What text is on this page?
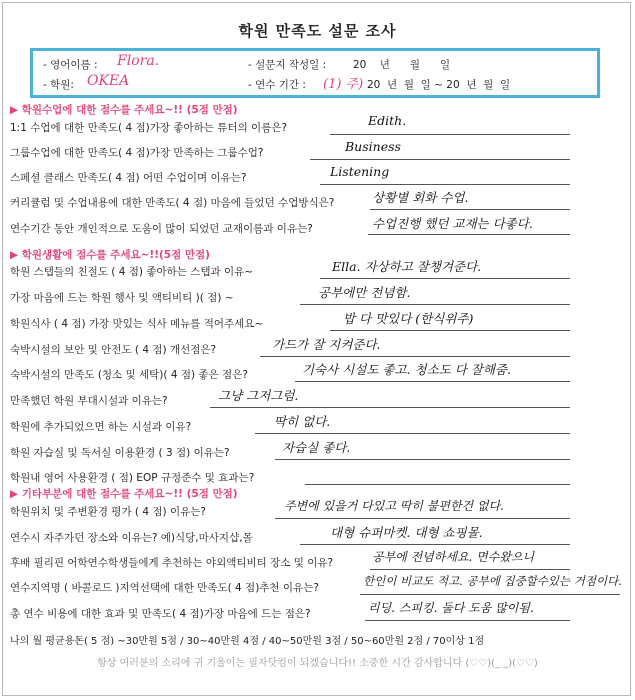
학원 만족도 설문 조사
- 영어이름 : Flora.	- 설문지 작성일 :	20    년      월      일
- 학원: OKEA	- 연수 기간 : (1) 주) 20  년  월  일 ~ 20  년  월  일
▶ 학원수업에 대한 점수를 주세요~!! (5점 만점)
▶ 학원생활에 점수를 주세요~!!(5점 만점)
▶ 기타부분에 대한 점수를 주세요~!! (5점 만점)
1:1 수업에 대한 만족도( 4 점)가장 좋아하는 튜터의 이름은?	Edith.
그룹수업에 대한 만족도( 4 점)가장 만족하는 그룹수업?	Business
스페셜 클래스 만족도( 4 점) 어떤 수업이며 이유는?	Listening
커리큘럼 및 수업내용에 대한 만족도( 4 점) 마음에 들었던 수업방식은?	상황별 회화 수업.
연수기간 동안 개인적으로 도움이 많이 되었던 교재이름과 이유는?	수업진행 했던 교재는 다좋다.
학원 스탭들의 친절도 ( 4 점) 좋아하는 스탭과 이유~	Ella. 자상하고 잘챙겨준다.
가장 마음에 드는 학원 행사 및 액티비티 )( 점) ~	공부에만 전념함.
학원식사 ( 4 점) 가장 맛있는 식사 메뉴를 적어주세요~	밥 다 맛있다 (한식위주)
숙박시설의 보안 및 안전도 ( 4 점) 개선점은?	가드가 잘 지켜준다.
숙박시설의 만족도 (청소 및 세탁)( 4 점) 좋은 점은?	기숙사 시설도 좋고. 청소도 다 잘해줌.
만족했던 학원 부대시설과 이유는?	그냥 그저그럼.
학원에 추가되었으면 하는 시설과 이유?	딱히 없다.
학원 자습실 및 독서실 이용환경 ( 3 점) 이유는?	자습실 좋다.
학원내 영어 사용환경 ( 점) EOP 규정준수 및 효과는?
학원위치 및 주변환경 평가 ( 4 점) 이유는?	주변에 있을거 다있고 딱히 불편한건 없다.
연수시 자주가던 장소와 이유는? 예)식당,마사지샵,몰	대형 슈퍼마켓. 대형 쇼핑몰.
후배 필리핀 어학연수학생들에게 추천하는 야외액티비티 장소 및 이유?	공부에 전념하세요. 면수왔으니
연수지역명 ( 바콜로드 )지역선택에 대한 만족도( 4 점)추천 이유는?	한인이 비교도 적고. 공부에 집중할수있는 거점이다.
총 연수 비용에 대한 효과 및 만족도( 4 점)가장 마음에 드는 점은?	리딩. 스피킹. 둘다 도움 많이됨.
나의 월 평균용돈( 5 점) ~30만원 5점 / 30~40만원 4점 / 40~50만원 3점 / 50~60만원 2점 / 70이상 1점
항상 여러분의 소리에 귀 기울이는 필자닷컴이 되겠습니다!! 소중한 시간 감사합니다 (♡♡)(_ _)(♡♡)
